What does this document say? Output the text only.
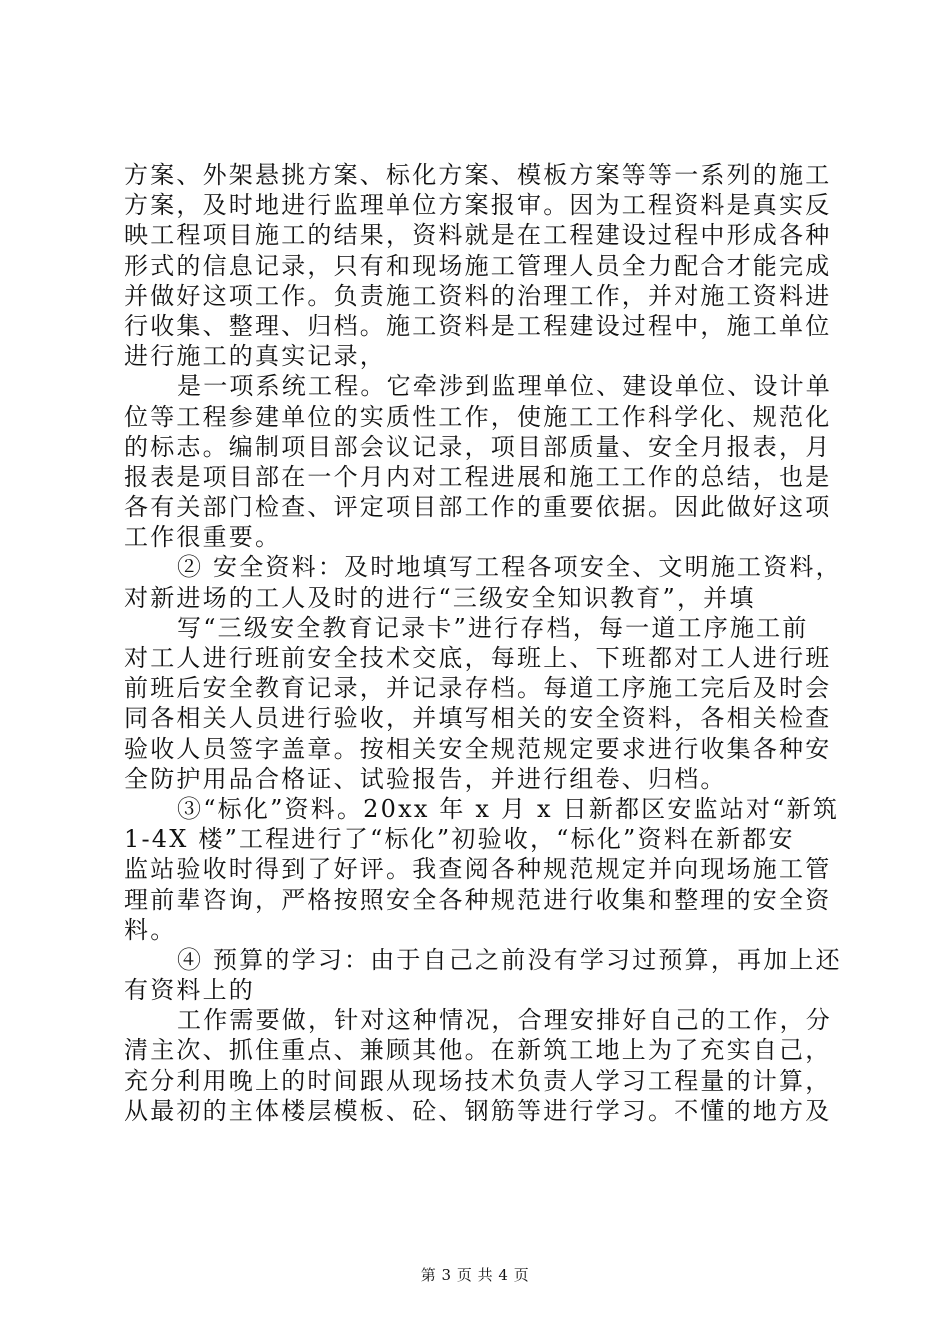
方案、外架悬挑方案、标化方案、模板方案等等一系列的施工
方案，及时地进行监理单位方案报审。因为工程资料是真实反
映工程项目施工的结果，资料就是在工程建设过程中形成各种
形式的信息记录，只有和现场施工管理人员全力配合才能完成
并做好这项工作。负责施工资料的治理工作，并对施工资料进
行收集、整理、归档。施工资料是工程建设过程中，施工单位
进行施工的真实记录，
是一项系统工程。它牵涉到监理单位、建设单位、设计单
位等工程参建单位的实质性工作，使施工工作科学化、规范化
的标志。编制项目部会议记录，项目部质量、安全月报表，月
报表是项目部在一个月内对工程进展和施工工作的总结，也是
各有关部门检查、评定项目部工作的重要依据。因此做好这项
工作很重要。
② 安全资料：及时地填写工程各项安全、文明施工资料，
对新进场的工人及时的进行“三级安全知识教育”，并填
写“三级安全教育记录卡”进行存档，每一道工序施工前
对工人进行班前安全技术交底，每班上、下班都对工人进行班
前班后安全教育记录，并记录存档。每道工序施工完后及时会
同各相关人员进行验收，并填写相关的安全资料，各相关检查
验收人员签字盖章。按相关安全规范规定要求进行收集各种安
全防护用品合格证、试验报告，并进行组卷、归档。
③“标化”资料。20xx 年 x 月 x 日新都区安监站对“新筑
1-4X 楼”工程进行了“标化”初验收，“标化”资料在新都安
监站验收时得到了好评。我查阅各种规范规定并向现场施工管
理前辈咨询，严格按照安全各种规范进行收集和整理的安全资
料。
④ 预算的学习：由于自己之前没有学习过预算，再加上还
有资料上的
工作需要做，针对这种情况，合理安排好自己的工作，分
清主次、抓住重点、兼顾其他。在新筑工地上为了充实自己，
充分利用晚上的时间跟从现场技术负责人学习工程量的计算，
从最初的主体楼层模板、砼、钢筋等进行学习。不懂的地方及
第 3 页 共 4 页
